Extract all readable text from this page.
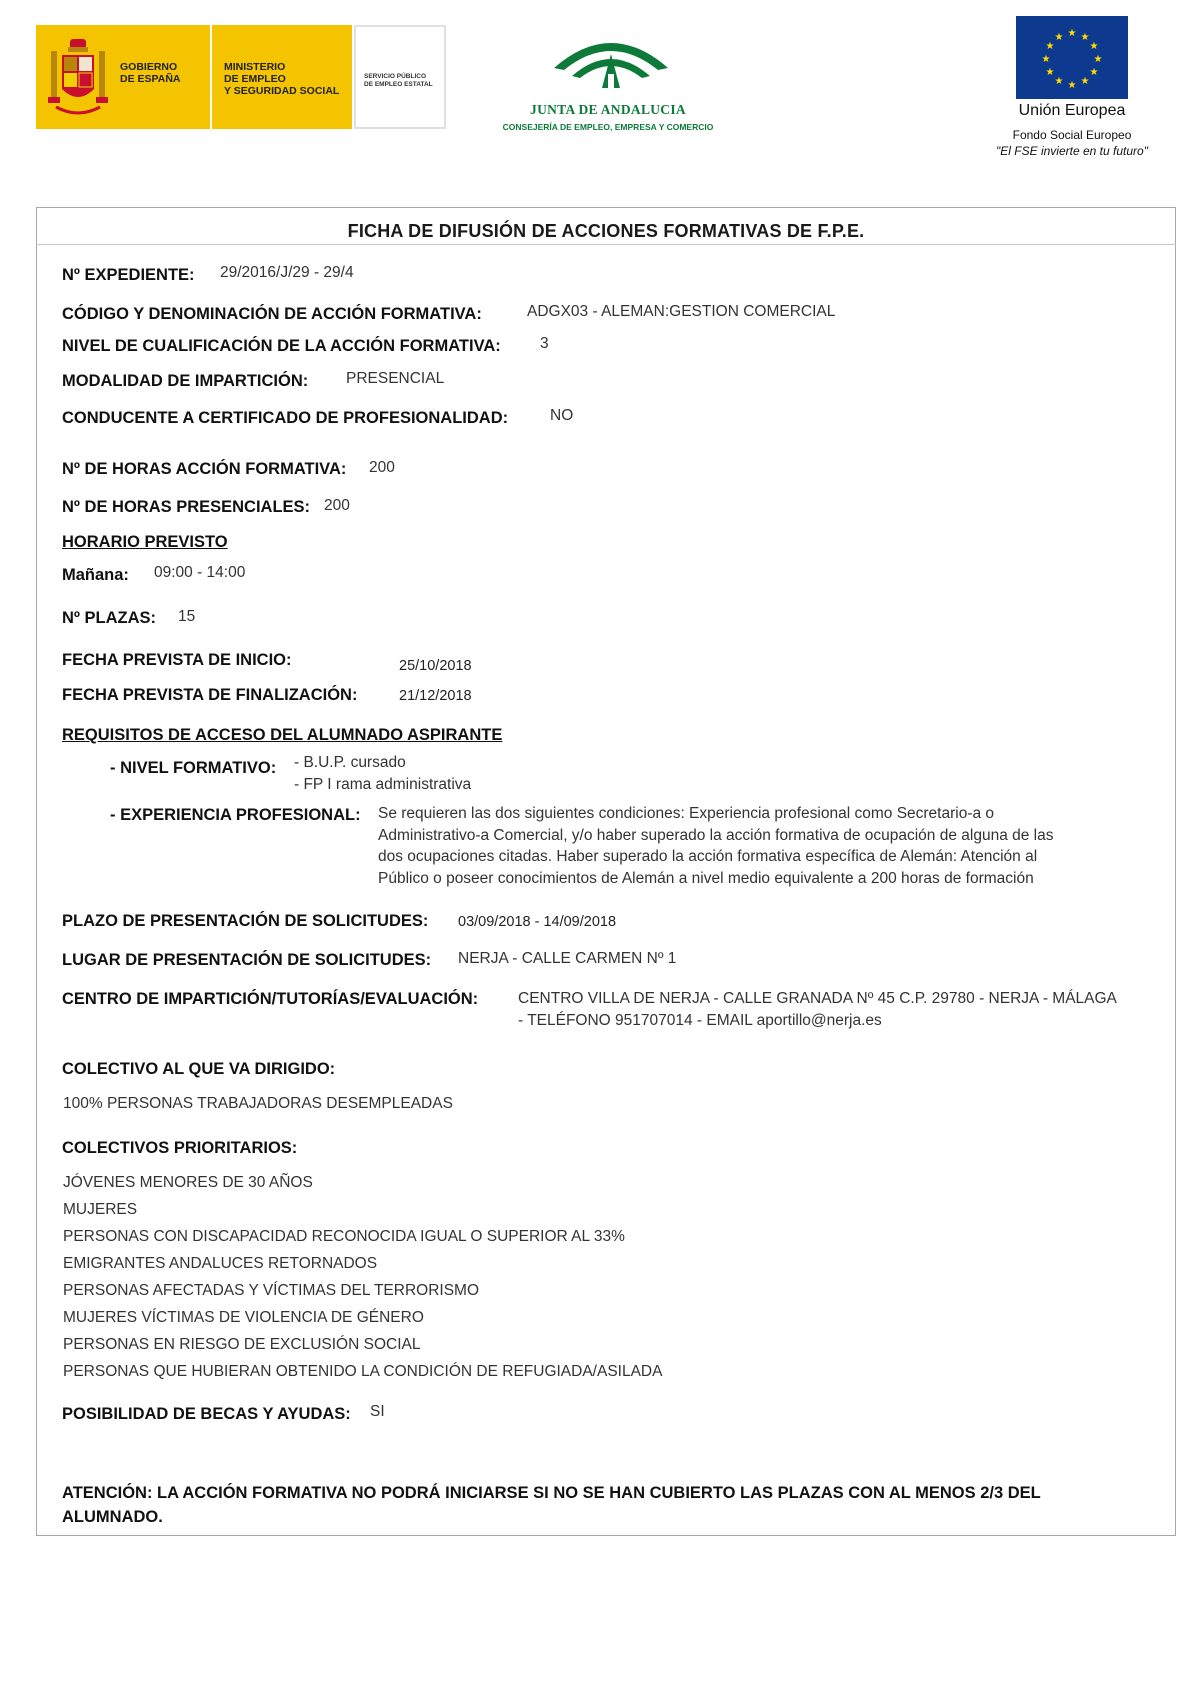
GOBIERNO
DE ESPAÑA
MINISTERIO
DE EMPLEO
Y SEGURIDAD SOCIAL
SERVICIO PÚBLICO
DE EMPLEO ESTATAL
JUNTA DE ANDALUCIA
CONSEJERÍA DE EMPLEO, EMPRESA Y COMERCIO
★ ★
★
★
★
★
★
★
★
★
★
★
Unión Europea
Fondo Social Europeo
"El FSE invierte en tu futuro"
FICHA DE DIFUSIÓN DE ACCIONES FORMATIVAS DE F.P.E.
Nº EXPEDIENTE: 29/2016/J/29 - 29/4
CÓDIGO Y DENOMINACIÓN DE ACCIÓN FORMATIVA:	ADGX03 - ALEMAN:GESTION COMERCIAL
NIVEL DE CUALIFICACIÓN DE LA ACCIÓN FORMATIVA:	3
MODALIDAD DE IMPARTICIÓN: PRESENCIAL
CONDUCENTE A CERTIFICADO DE PROFESIONALIDAD:	NO
Nº DE HORAS ACCIÓN FORMATIVA: 200
Nº DE HORAS PRESENCIALES: 200
HORARIO PREVISTO
Mañana: 09:00 - 14:00
Nº PLAZAS: 15
FECHA PREVISTA DE INICIO:	25/10/2018
FECHA PREVISTA DE FINALIZACIÓN:	21/12/2018
REQUISITOS DE ACCESO DEL ALUMNADO ASPIRANTE
- NIVEL FORMATIVO: - B.U.P. cursado
- FP I rama administrativa
- EXPERIENCIA PROFESIONAL: Se requieren las dos siguientes condiciones: Experiencia profesional como Secretario-a o
Administrativo-a Comercial, y/o haber superado la acción formativa de ocupación de alguna de las
dos ocupaciones citadas. Haber superado la acción formativa específica de Alemán: Atención al
Público o poseer conocimientos de Alemán a nivel medio equivalente a 200 horas de formación
PLAZO DE PRESENTACIÓN DE SOLICITUDES: 03/09/2018 - 14/09/2018
LUGAR DE PRESENTACIÓN DE SOLICITUDES: NERJA - CALLE CARMEN Nº 1
CENTRO DE IMPARTICIÓN/TUTORÍAS/EVALUACIÓN:	CENTRO VILLA DE NERJA - CALLE GRANADA Nº 45 C.P. 29780 - NERJA - MÁLAGA
- TELÉFONO 951707014 - EMAIL aportillo@nerja.es
COLECTIVO AL QUE VA DIRIGIDO:
100% PERSONAS TRABAJADORAS DESEMPLEADAS
COLECTIVOS PRIORITARIOS:
JÓVENES MENORES DE 30 AÑOS
MUJERES
PERSONAS CON DISCAPACIDAD RECONOCIDA IGUAL O SUPERIOR AL 33%
EMIGRANTES ANDALUCES RETORNADOS
PERSONAS AFECTADAS Y VÍCTIMAS DEL TERRORISMO
MUJERES VÍCTIMAS DE VIOLENCIA DE GÉNERO
PERSONAS EN RIESGO DE EXCLUSIÓN SOCIAL
PERSONAS QUE HUBIERAN OBTENIDO LA CONDICIÓN DE REFUGIADA/ASILADA
POSIBILIDAD DE BECAS Y AYUDAS: SI
ATENCIÓN: LA ACCIÓN FORMATIVA NO PODRÁ INICIARSE SI NO SE HAN CUBIERTO LAS PLAZAS CON AL MENOS 2/3 DEL
ALUMNADO.
